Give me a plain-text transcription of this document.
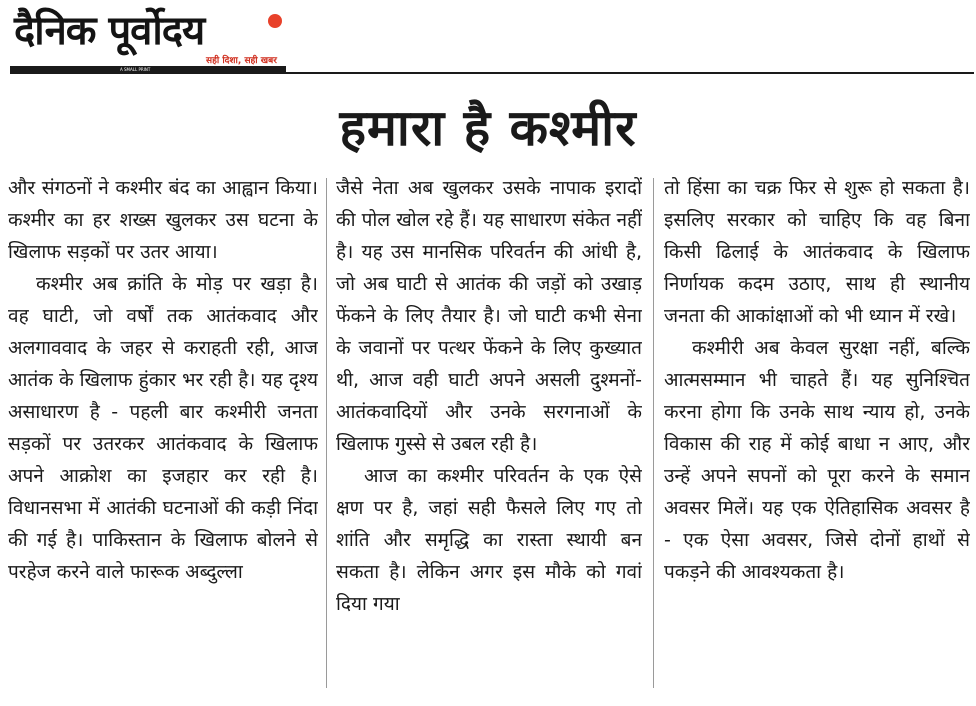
दैनिक पूर्वोदय
सही दिशा, सही खबर
A SMALL PRINT
हमारा है कश्मीर

और संगठनों ने कश्मीर बंद का आह्वान किया। कश्मीर का हर शख्स खुलकर उस घटना के खिलाफ सड़कों पर उतर आया।

कश्मीर अब क्रांति के मोड़ पर खड़ा है। वह घाटी, जो वर्षों तक आतंकवाद और अलगाववाद के जहर से कराहती रही, आज आतंक के खिलाफ हुंकार भर रही है। यह दृश्य असाधारण है - पहली बार कश्मीरी जनता सड़कों पर उतरकर आतंकवाद के खिलाफ अपने आक्रोश का इजहार कर रही है। विधानसभा में आतंकी घटनाओं की कड़ी निंदा की गई है। पाकिस्तान के खिलाफ बोलने से परहेज करने वाले फारूक अब्दुल्ला

जैसे नेता अब खुलकर उसके नापाक इरादों की पोल खोल रहे हैं। यह साधारण संकेत नहीं है। यह उस मानसिक परिवर्तन की आंधी है, जो अब घाटी से आतंक की जड़ों को उखाड़ फेंकने के लिए तैयार है। जो घाटी कभी सेना के जवानों पर पत्थर फेंकने के लिए कुख्यात थी, आज वही घाटी अपने असली दुश्मनों- आतंकवादियों और उनके सरगनाओं के खिलाफ गुस्से से उबल रही है।

आज का कश्मीर परिवर्तन के एक ऐसे क्षण पर है, जहां सही फैसले लिए गए तो शांति और समृद्धि का रास्ता स्थायी बन सकता है। लेकिन अगर इस मौके को गवां दिया गया

तो हिंसा का चक्र फिर से शुरू हो सकता है। इसलिए सरकार को चाहिए कि वह बिना किसी ढिलाई के आतंकवाद के खिलाफ निर्णायक कदम उठाए, साथ ही स्थानीय जनता की आकांक्षाओं को भी ध्यान में रखे।

कश्मीरी अब केवल सुरक्षा नहीं, बल्कि आत्मसम्मान भी चाहते हैं। यह सुनिश्चित करना होगा कि उनके साथ न्याय हो, उनके विकास की राह में कोई बाधा न आए, और उन्हें अपने सपनों को पूरा करने के समान अवसर मिलें। यह एक ऐतिहासिक अवसर है - एक ऐसा अवसर, जिसे दोनों हाथों से पकड़ने की आवश्यकता है।
